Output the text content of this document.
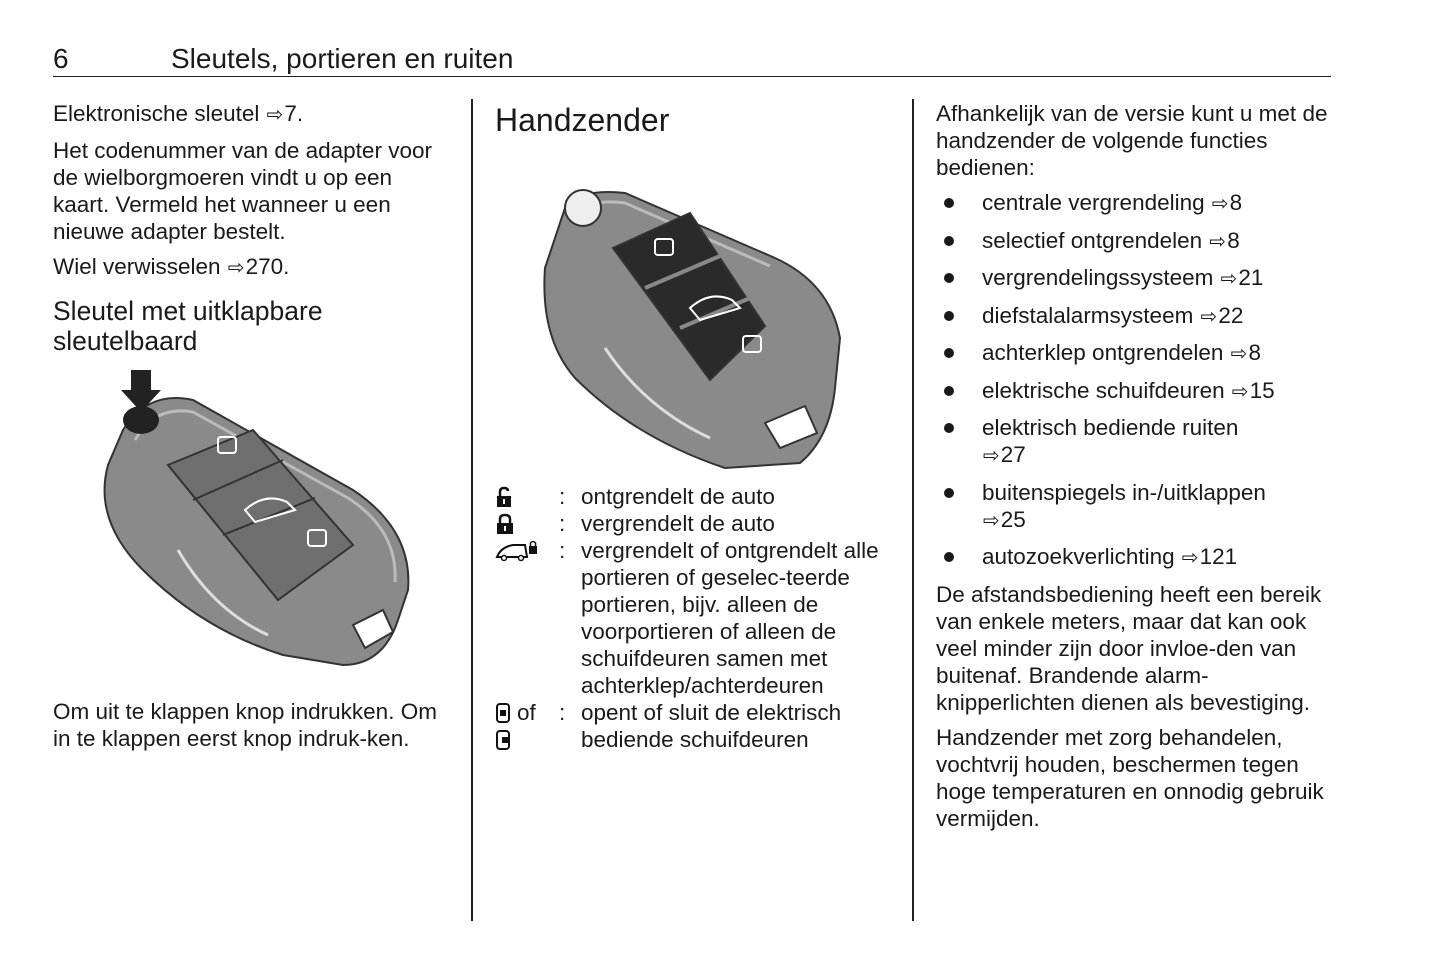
6	Sleutels, portieren en ruiten

Elektronische sleutel ⇨7.

Het codenummer van de adapter voor de wielborgmoeren vindt u op een kaart. Vermeld het wanneer u een nieuwe adapter bestelt.

Wiel verwisselen ⇨270.

Sleutel met uitklapbare
sleutelbaard

Om uit te klappen knop indrukken. Om in te klappen eerst knop indruk-ken.

Handzender
: ontgrendelt de auto
: vergrendelt de auto
: vergrendelt of ontgrendelt alle portieren of geselec-teerde portieren, bijv. alleen de voorportieren of alleen de schuifdeuren samen met achterklep/achterdeuren
of : opent of sluit de elektrisch bediende schuifdeuren

Afhankelijk van de versie kunt u met de handzender de volgende functies bedienen:

centrale vergrendeling ⇨8
selectief ontgrendelen ⇨8
vergrendelingssysteem ⇨21
diefstalalarmsysteem ⇨22
achterklep ontgrendelen ⇨8
elektrische schuifdeuren ⇨15
elektrisch bediende ruiten
⇨27
buitenspiegels in-/uitklappen
⇨25
autozoekverlichting ⇨121

De afstandsbediening heeft een bereik van enkele meters, maar dat kan ook veel minder zijn door invloe-den van buitenaf. Brandende alarm-knipperlichten dienen als bevestiging.

Handzender met zorg behandelen, vochtvrij houden, beschermen tegen hoge temperaturen en onnodig gebruik vermijden.
